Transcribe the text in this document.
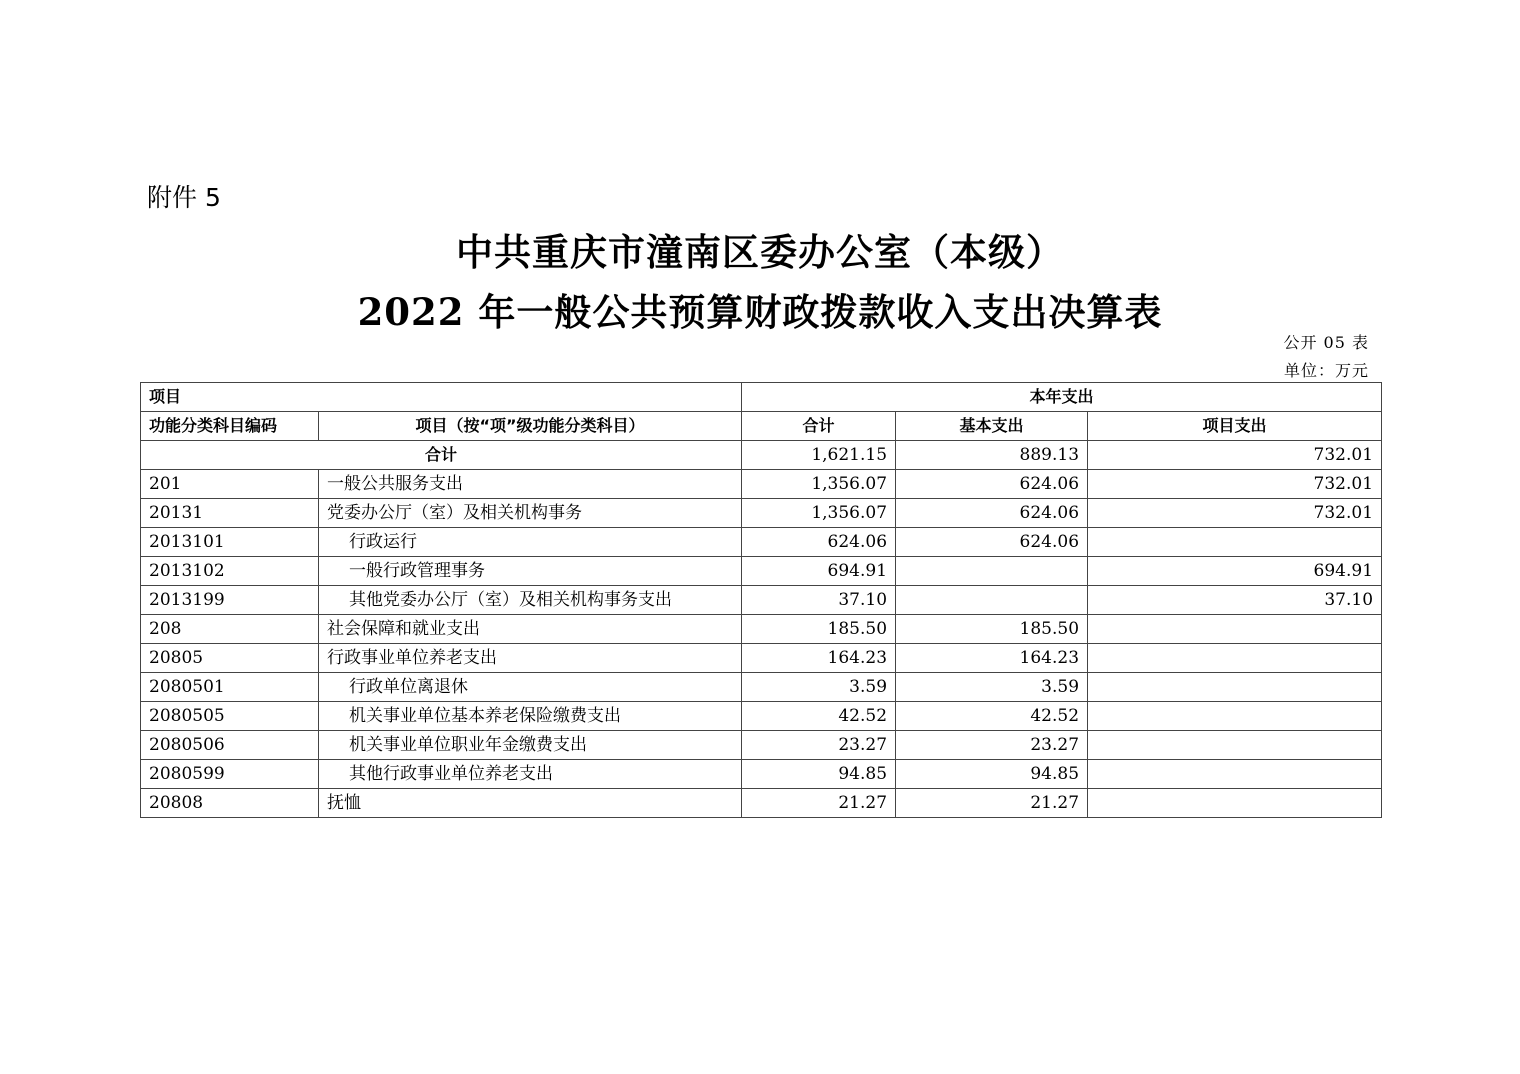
附件 5
中共重庆市潼南区委办公室（本级）
2022 年一般公共预算财政拨款收入支出决算表
公开 05 表
单位：万元
项目		本年支出		
功能分类科目编码	项目（按“项”级功能分类科目）	合计	基本支出	项目支出
合计		1,621.15	889.13	732.01
201	一般公共服务支出	1,356.07	624.06	732.01
20131	党委办公厅（室）及相关机构事务	1,356.07	624.06	732.01
2013101	行政运行	624.06	624.06	
2013102	一般行政管理事务	694.91		694.91
2013199	其他党委办公厅（室）及相关机构事务支出	37.10		37.10
208	社会保障和就业支出	185.50	185.50	
20805	行政事业单位养老支出	164.23	164.23	
2080501	行政单位离退休	3.59	3.59	
2080505	机关事业单位基本养老保险缴费支出	42.52	42.52	
2080506	机关事业单位职业年金缴费支出	23.27	23.27	
2080599	其他行政事业单位养老支出	94.85	94.85	
20808	抚恤	21.27	21.27	
